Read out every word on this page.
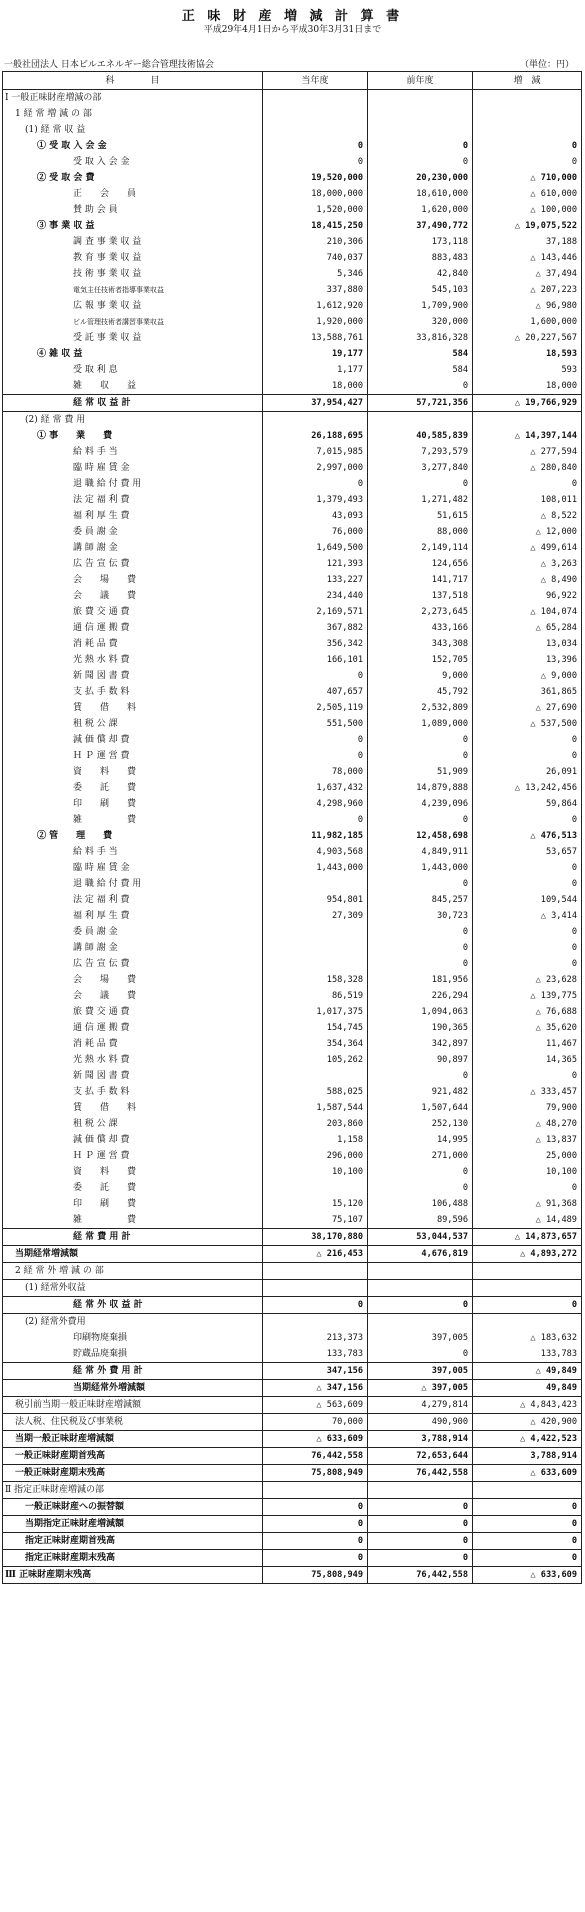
正 味 財 産 増 減 計 算 書
平成29年4月1日から平成30年3月31日まで
一般社団法人 日本ビルエネルギー総合管理技術協会	（単位：円）
科　　　　目	当年度	前年度	増　減
Ⅰ 一般正味財産増減の部			
1 経 常 増 減 の 部			
(1) 経 常 収 益			
① 受 取 入 会 金	0	0	0
受 取 入 会 金	0	0	0
② 受 取 会 費	19,520,000	20,230,000	△ 710,000
正　　会　　員	18,000,000	18,610,000	△ 610,000
賛 助 会 員	1,520,000	1,620,000	△ 100,000
③ 事 業 収 益	18,415,250	37,490,772	△ 19,075,522
調 査 事 業 収 益	210,306	173,118	37,188
教 育 事 業 収 益	740,037	883,483	△ 143,446
技 術 事 業 収 益	5,346	42,840	△ 37,494
電気主任技術者指導事業収益	337,880	545,103	△ 207,223
広 報 事 業 収 益	1,612,920	1,709,900	△ 96,980
ビル管理技術者講習事業収益	1,920,000	320,000	1,600,000
受 託 事 業 収 益	13,588,761	33,816,328	△ 20,227,567
④ 雑 収 益	19,177	584	18,593
受 取 利 息	1,177	584	593
雑　　収　　益	18,000	0	18,000
経 常 収 益 計	37,954,427	57,721,356	△ 19,766,929
(2) 経 常 費 用			
① 事　　業　　費	26,188,695	40,585,839	△ 14,397,144
給 料 手 当	7,015,985	7,293,579	△ 277,594
臨 時 雇 賃 金	2,997,000	3,277,840	△ 280,840
退 職 給 付 費 用	0	0	0
法 定 福 利 費	1,379,493	1,271,482	108,011
福 利 厚 生 費	43,093	51,615	△ 8,522
委 員 謝 金	76,000	88,000	△ 12,000
講 師 謝 金	1,649,500	2,149,114	△ 499,614
広 告 宣 伝 費	121,393	124,656	△ 3,263
会　　場　　費	133,227	141,717	△ 8,490
会　　議　　費	234,440	137,518	96,922
旅 費 交 通 費	2,169,571	2,273,645	△ 104,074
通 信 運 搬 費	367,882	433,166	△ 65,284
消 耗 品 費	356,342	343,308	13,034
光 熱 水 料 費	166,101	152,705	13,396
新 聞 図 書 費	0	9,000	△ 9,000
支 払 手 数 料	407,657	45,792	361,865
賃　　借　　料	2,505,119	2,532,809	△ 27,690
租 税 公 課	551,500	1,089,000	△ 537,500
減 価 償 却 費	0	0	0
Ｈ Ｐ 運 営 費	0	0	0
資　　料　　費	78,000	51,909	26,091
委　　託　　費	1,637,432	14,879,888	△ 13,242,456
印　　刷　　費	4,298,960	4,239,096	59,864
雑　　　　　費	0	0	0
② 管　　理　　費	11,982,185	12,458,698	△ 476,513
給 料 手 当	4,903,568	4,849,911	53,657
臨 時 雇 賃 金	1,443,000	1,443,000	0
退 職 給 付 費 用		0	0
法 定 福 利 費	954,801	845,257	109,544
福 利 厚 生 費	27,309	30,723	△ 3,414
委 員 謝 金		0	0
講 師 謝 金		0	0
広 告 宣 伝 費		0	0
会　　場　　費	158,328	181,956	△ 23,628
会　　議　　費	86,519	226,294	△ 139,775
旅 費 交 通 費	1,017,375	1,094,063	△ 76,688
通 信 運 搬 費	154,745	190,365	△ 35,620
消 耗 品 費	354,364	342,897	11,467
光 熱 水 料 費	105,262	90,897	14,365
新 聞 図 書 費		0	0
支 払 手 数 料	588,025	921,482	△ 333,457
賃　　借　　料	1,587,544	1,507,644	79,900
租 税 公 課	203,860	252,130	△ 48,270
減 価 償 却 費	1,158	14,995	△ 13,837
Ｈ Ｐ 運 営 費	296,000	271,000	25,000
資　　料　　費	10,100	0	10,100
委　　託　　費		0	0
印　　刷　　費	15,120	106,488	△ 91,368
雑　　　　　費	75,107	89,596	△ 14,489
経 常 費 用 計	38,170,880	53,044,537	△ 14,873,657
当期経常増減額	△ 216,453	4,676,819	△ 4,893,272
2 経 常 外 増 減 の 部			
(1) 経常外収益			
経 常 外 収 益 計	0	0	0
(2) 経常外費用			
印刷物廃棄損	213,373	397,005	△ 183,632
貯蔵品廃棄損	133,783	0	133,783
経 常 外 費 用 計	347,156	397,005	△ 49,849
当期経常外増減額	△ 347,156	△ 397,005	49,849
税引前当期一般正味財産増減額	△ 563,609	4,279,814	△ 4,843,423
法人税、住民税及び事業税	70,000	490,900	△ 420,900
当期一般正味財産増減額	△ 633,609	3,788,914	△ 4,422,523
一般正味財産期首残高	76,442,558	72,653,644	3,788,914
一般正味財産期末残高	75,808,949	76,442,558	△ 633,609
Ⅱ 指定正味財産増減の部			
一般正味財産への振替額	0	0	0
当期指定正味財産増減額	0	0	0
指定正味財産期首残高	0	0	0
指定正味財産期末残高	0	0	0
Ⅲ 正味財産期末残高	75,808,949	76,442,558	△ 633,609
